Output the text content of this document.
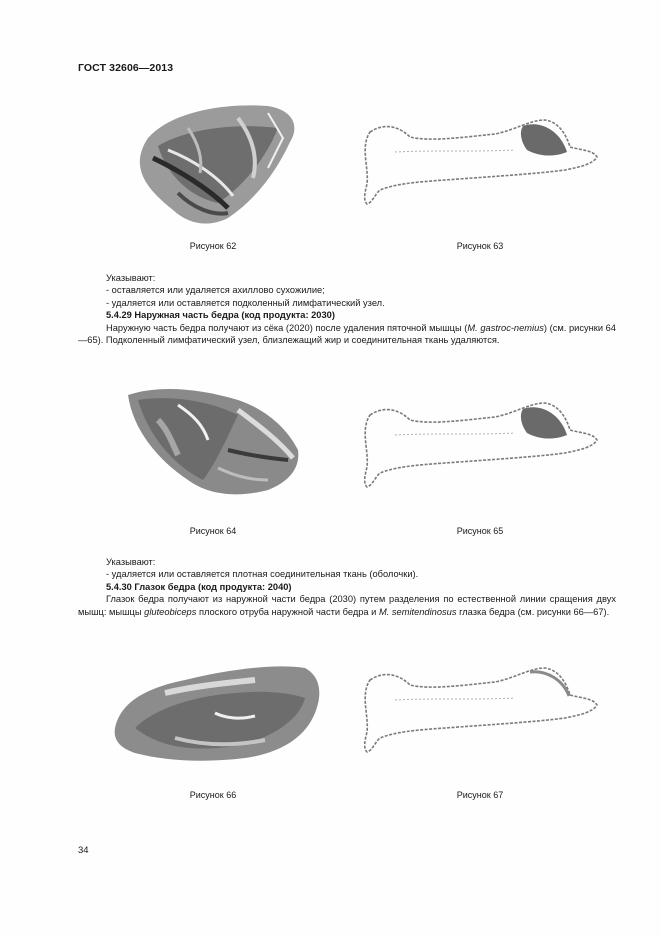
ГОСТ 32606—2013
Рисунок 62	Рисунок 63

Указывают:

- оставляется или удаляется ахиллово сухожилие;

- удаляется или оставляется подколенный лимфатический узел.

5.4.29 Наружная часть бедра (код продукта: 2030)

Наружную часть бедра получают из сёка (2020) после удаления пяточной мышцы (M. gastroc-nemius) (см. рисунки 64—65). Подколенный лимфатический узел, близлежащий жир и соединительная ткань удаляются.

Рисунок 64	Рисунок 65

Указывают:

- удаляется или оставляется плотная соединительная ткань (оболочки).

5.4.30 Глазок бедра (код продукта: 2040)

Глазок бедра получают из наружной части бедра (2030) путем разделения по естественной линии сращения двух мышц: мышцы gluteobiceps плоского отруба наружной части бедра и M. semitendinosus глазка бедра (см. рисунки 66—67).

Рисунок 66	Рисунок 67
34
